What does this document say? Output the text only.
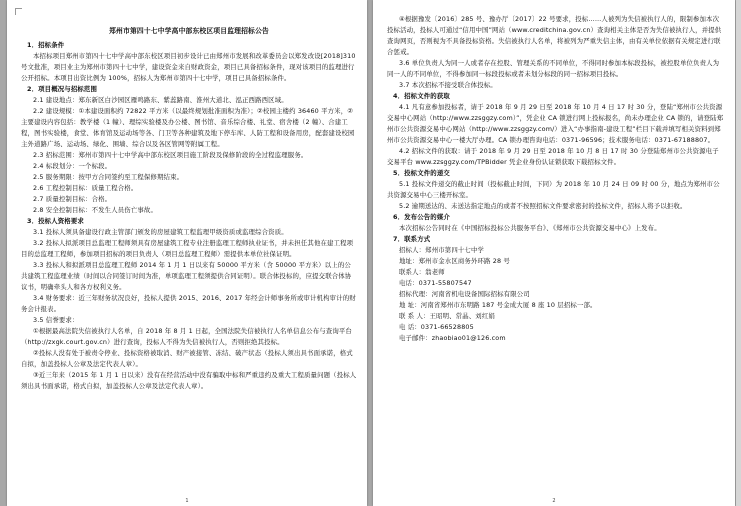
郑州市第四十七中学高中部东校区项目监理招标公告

1．招标条件

本招标项目郑州市第四十七中学高中部东校区项目初步设计已由郑州市发展和改革委员会以郑发改设[2018]310 号文批准，项目业主为郑州市第四十七中学，建设资金来自财政资金，项目已具备招标条件，现对该项目的监理进行公开招标。本项目出资比例为 100%，招标人为郑州市第四十七中学，项目已具备招标条件。

2．项目概况与招标范围

2.1 建设地点：郑东新区白沙园区雁鸣路东、紫蕊路南、淮州大道北、泓正西路西区域。

2.2 建设规模：①本建设面积约 72822 平方米（以最终规划批准面积为准）；②校园主楼约 36460 平方米，②主要建设内容包括：教学楼（1 幢）、理综实验楼及办公楼、图书馆、音乐综合楼、礼堂、宿舍楼（2 幢）、合建工程，图书实验楼，食堂、体育馆及运动场等各、门卫等各种建筑及地下停车库、人防工程和设备用房，配套建设校园主外道路广场、运动场、绿化、围墙、综合以及各区管网等附属工程。

2.3 招标范围：郑州市第四十七中学高中部东校区项目施工阶段及保修阶段的全过程监理服务。

2.4 标段划分：一个标段。

2.5 服务期限：按甲方合同签约至工程保修期结束。

2.6 工程控制目标：质量工程合格。

2.7 质量控制目标：合格。

2.8 安全控制目标：不发生人员伤亡事故。

3．投标人资格要求

3.1 投标人须具备建设行政主管部门颁发的房屋建筑工程监理甲级资质或监理综合资质。

3.2 投标人拟派项目总监理工程师须具有房屋建筑工程专业注册监理工程师执业证书，并未担任其他在建工程项目的总监理工程师，参加项目招标的项目负责人（项目总监理工程师）需提供本单位社保证明。

3.3 投标人和拟派项目总监理工程师 2014 年 1 月 1 日以来有 50000 平方米（含 50000 平方米）以上的公共建筑工程监理业绩（时间以合同签订时间为准，单项监理工程须提供合同证明）。联合体投标的，应提交联合体协议书，明确牵头人和各方权利义务。

3.4 财务要求：近三年财务状况良好，投标人提供 2015、2016、2017 年经会计师事务所或审计机构审计的财务会计报表。

3.5 信誉要求：

①根据最高法院失信被执行人名单，自 2018 年 8 月 1 日起，全国法院失信被执行人名单信息公布与查询平台（http://zxgk.court.gov.cn）进行查询，投标人不得为失信被执行人，否则拒绝其投标。

②投标人没有处于被责令停业、投标资格被取消、财产被接管、冻结、破产状态（投标人须出具书面承诺，格式自拟，加盖投标人公章及法定代表人章）。

③近三年来（2015 年 1 月 1 日以来）没有在经营活动中没有骗取中标和严重违约及重大工程质量问题（投标人须出具书面承诺，格式自拟，加盖投标人公章及法定代表人章）。

1

④根据豫发〔2016〕285 号、豫办厅〔2017〕22 号要求，投标……人被列为失信被执行人的，限制参加本次投标活动，投标人可通过“信用中国”网站（www.creditchina.gov.cn）查询相关主体是否为失信被执行人，并提供查询网页，否则视为不具备投标资格。失信被执行人名单，将被列为严重失信主体，由有关单位依据有关规定进行联合惩戒。

3.6 单位负责人为同一人或者存在控股、管理关系的不同单位，不得同时参加本标段投标，被控股单位负责人为同一人的不同单位，不得参加同一标段投标或者未划分标段的同一招标项目投标。

3.7 本次招标不接受联合体投标。

4．招标文件的获取

4.1 凡有意参加投标者，请于 2018 年 9 月 29 日至 2018 年 10 月 4 日 17 时 30 分，登陆“郑州市公共资源交易中心网站（http://www.zzsggzy.com）”，凭企业 CA 锁进行网上投标报名，尚未办理企业 CA 锁的，请登陆郑州市公共资源交易中心网站（http://www.zzsggzy.com/）进入“办事指南-建设工程”栏目下载并填写相关资料到郑州市公共资源交易中心一楼大厅办理。CA 锁办理咨询电话：0371-96596；技术服务电话：0371-67188807。

4.2 招标文件的获取：请于 2018 年 9 月 29 日至 2018 年 10 月 8 日 17 时 30 分登陆郑州市公共资源电子交易平台 www.zzsggzy.com/TPBidder 凭企业身份认证锁获取下载招标文件。

5．投标文件的递交

5.1 投标文件递交的截止时间（投标截止时间，下同）为 2018 年 10 月 24 日 09 时 00 分，地点为郑州市公共资源交易中心三楼开标室。

5.2 逾期送达的、未送达指定地点的或者不按照招标文件要求密封的投标文件，招标人将予以拒收。

6．发布公告的媒介

本次招标公告同时在《中国招标投标公共服务平台》、《郑州市公共资源交易中心》上发布。

7．联系方式

招标人：郑州市第四十七中学

地址：郑州市金水区商务外环路 28 号

联系人：翁老师

电话：0371-55807547

招标代理：河南省机电设备国际招标有限公司

地 址：河南省郑州市东明路 187 号金成大厦 8 座 10 层招标一部。

联 系 人：王昭明、常晶、刘红娟

电 话：0371-66528805

电子邮件：zhaobiao01@126.com

2
